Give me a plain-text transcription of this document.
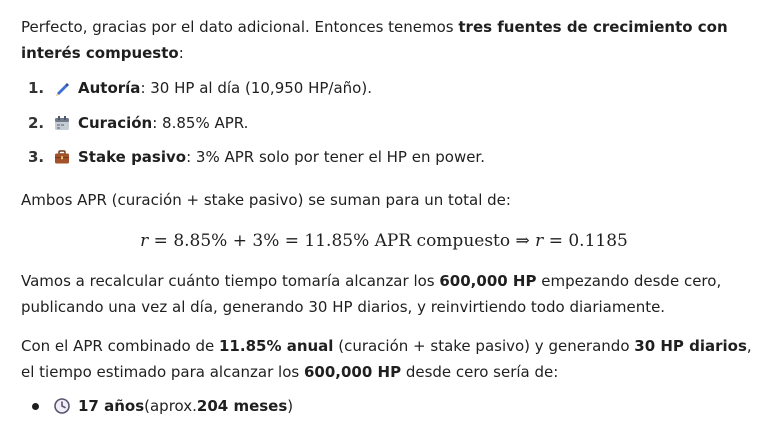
Perfecto, gracias por el dato adicional. Entonces tenemos tres fuentes de crecimiento con interés compuesto:

1.	Autoría : 30 HP al día (10,950 HP/año).
2.	Curación : 8.85% APR.
3.	Stake pasivo : 3% APR solo por tener el HP en power.

Ambos APR (curación + stake pasivo) se suman para un total de:

r = 8.85% + 3% = 11.85% APR compuesto ⇒ r = 0.1185

Vamos a recalcular cuánto tiempo tomaría alcanzar los 600,000 HP empezando desde cero, publicando una vez al día, generando 30 HP diarios, y reinvirtiendo todo diariamente.

Con el APR combinado de 11.85% anual (curación + stake pasivo) y generando 30 HP diarios, el tiempo estimado para alcanzar los 600,000 HP desde cero sería de:

17 años (aprox. 204 meses )
